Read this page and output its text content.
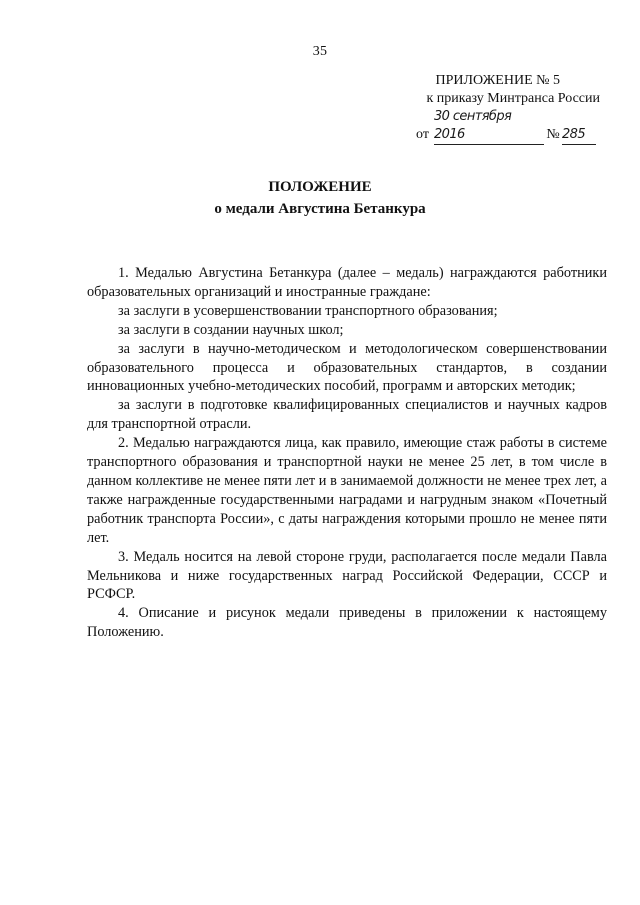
35
ПРИЛОЖЕНИЕ № 5
к приказу Минтранса России
от30 сентября 2016	№ 285
ПОЛОЖЕНИЕ
о медали Августина Бетанкура

1. Медалью Августина Бетанкура (далее – медаль) награждаются работники образовательных организаций и иностранные граждане:

за заслуги в усовершенствовании транспортного образования;

за заслуги в создании научных школ;

за заслуги в научно-методическом и методологическом совершенствовании образовательного процесса и образовательных стандартов, в создании инновационных учебно-методических пособий, программ и авторских методик;

за заслуги в подготовке квалифицированных специалистов и научных кадров для транспортной отрасли.

2. Медалью награждаются лица, как правило, имеющие стаж работы в системе транспортного образования и транспортной науки не менее 25 лет, в том числе в данном коллективе не менее пяти лет и в занимаемой должности не менее трех лет, а также награжденные государственными наградами и нагрудным знаком «Почетный работник транспорта России», с даты награждения которыми прошло не менее пяти лет.

3. Медаль носится на левой стороне груди, располагается после медали Павла Мельникова и ниже государственных наград Российской Федерации, СССР и РСФСР.

4. Описание и рисунок медали приведены в приложении к настоящему Положению.
